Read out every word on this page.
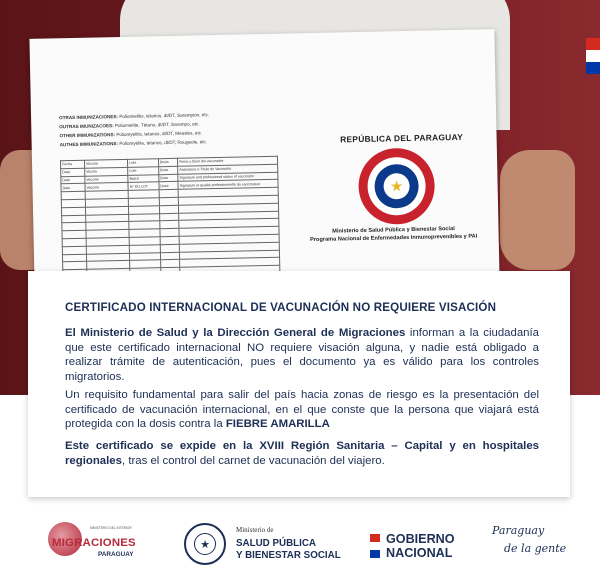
OTRAS INMUNIZACIONES: Poliomielitis, tétanos, dt/DT, Sarampión, etc.
OUTRAS IMUNIZACOES: Poliomielite, Tétano, dt/DT, Sarampo, etc.
OTHER IMMUNIZATIONS: Poliomyelitis, tetanus, dt/DT, Measles, etc.
AUTHES IMMUNIZATIONS: Poliomyélite, tétanos, dt/DT, Rougeole, etc.
Fecha	Vacuna	Lote	Dosis	Firma y título del vacunador
Data	Vacina	Lote	Dose	Assinatura e Título do Vacinador
Date	Vaccine	Batch	Dose	Signature and professional status of vaccinator
Date	Vaccine	N° DU LOT	Dose	Signature et qualité professionnelle du vaccinateur

REPÚBLICA DEL PARAGUAY
★
Ministerio de Salud Pública y Bienestar Social
Programa Nacional de Enfermedades Inmunoprevenibles y PAI
CERTIFICADO INTERNACIONAL DE VACUNACIÓN NO REQUIERE VISACIÓN

El Ministerio de Salud y la Dirección General de Migraciones informan a la ciudadanía que este certificado internacional NO requiere visación alguna, y nadie está obligado a realizar trámite de autenticación, pues el documento ya es válido para los controles migratorios.

Un requisito fundamental para salir del país hacia zonas de riesgo es la presentación del certificado de vacunación internacional, en el que conste que la persona que viajará está protegida con la dosis contra la FIEBRE AMARILLA

Este certificado se expide en la XVIII Región Sanitaria – Capital y en hospitales regionales, tras el control del carnet de vacunación del viajero.

MINISTERIO DEL INTERIOR
MIGRACIONES
PARAGUAY
★
Ministerio de
SALUD PÚBLICA
Y BIENESTAR SOCIAL
GOBIERNO
NACIONAL
Paraguay
de la gente
